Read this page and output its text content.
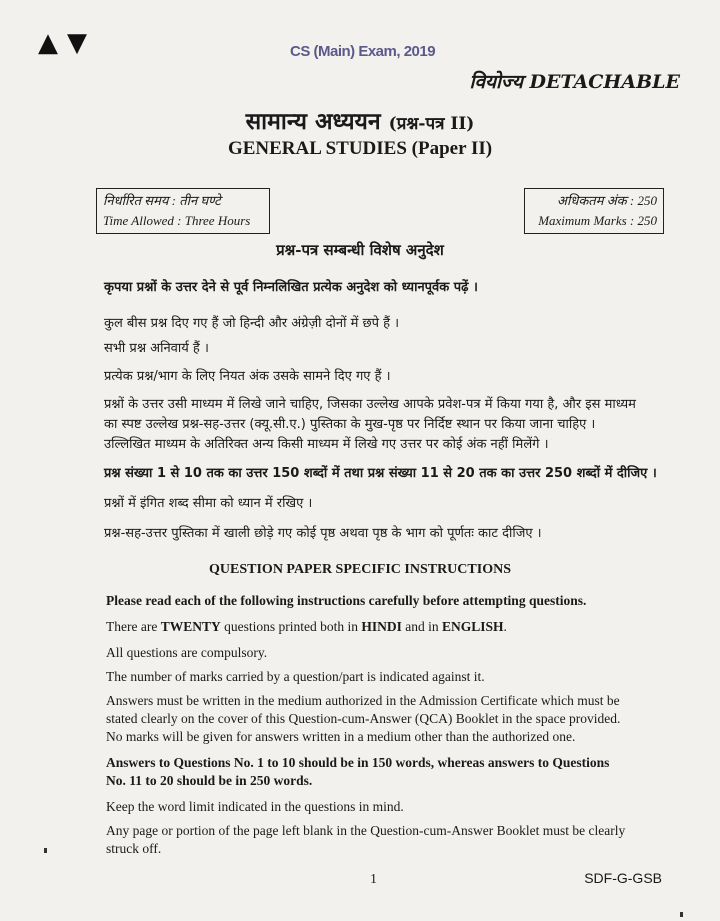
▲ ▼	CS (Main) Exam, 2019
वियोज्य DETACHABLE
सामान्य अध्ययन (प्रश्न-पत्र II)
GENERAL STUDIES (Paper II)
निर्धारित समय : तीन घण्टे
Time Allowed : Three Hours
अधिकतम अंक : 250
Maximum Marks : 250
प्रश्न-पत्र सम्बन्धी विशेष अनुदेश
कृपया प्रश्नों के उत्तर देने से पूर्व निम्नलिखित प्रत्येक अनुदेश को ध्यानपूर्वक पढ़ें ।
कुल बीस प्रश्न दिए गए हैं जो हिन्दी और अंग्रेज़ी दोनों में छपे हैं ।
सभी प्रश्न अनिवार्य हैं ।
प्रत्येक प्रश्न/भाग के लिए नियत अंक उसके सामने दिए गए हैं ।
प्रश्नों के उत्तर उसी माध्यम में लिखे जाने चाहिए, जिसका उल्लेख आपके प्रवेश-पत्र में किया गया है, और इस माध्यम
का स्पष्ट उल्लेख प्रश्न-सह-उत्तर (क्यू.सी.ए.) पुस्तिका के मुख-पृष्ठ पर निर्दिष्ट स्थान पर किया जाना चाहिए ।
उल्लिखित माध्यम के अतिरिक्त अन्य किसी माध्यम में लिखे गए उत्तर पर कोई अंक नहीं मिलेंगे ।
प्रश्न संख्या 1 से 10 तक का उत्तर 150 शब्दों में तथा प्रश्न संख्या 11 से 20 तक का उत्तर 250 शब्दों में दीजिए ।
प्रश्नों में इंगित शब्द सीमा को ध्यान में रखिए ।
प्रश्न-सह-उत्तर पुस्तिका में खाली छोड़े गए कोई पृष्ठ अथवा पृष्ठ के भाग को पूर्णतः काट दीजिए ।
QUESTION PAPER SPECIFIC INSTRUCTIONS
Please read each of the following instructions carefully before attempting questions.
There are TWENTY questions printed both in HINDI and in ENGLISH.
All questions are compulsory.
The number of marks carried by a question/part is indicated against it.
Answers must be written in the medium authorized in the Admission Certificate which must be
stated clearly on the cover of this Question-cum-Answer (QCA) Booklet in the space provided.
No marks will be given for answers written in a medium other than the authorized one.
Answers to Questions No. 1 to 10 should be in 150 words, whereas answers to Questions
No. 11 to 20 should be in 250 words.
Keep the word limit indicated in the questions in mind.
Any page or portion of the page left blank in the Question-cum-Answer Booklet must be clearly
struck off.
1	SDF-G-GSB
